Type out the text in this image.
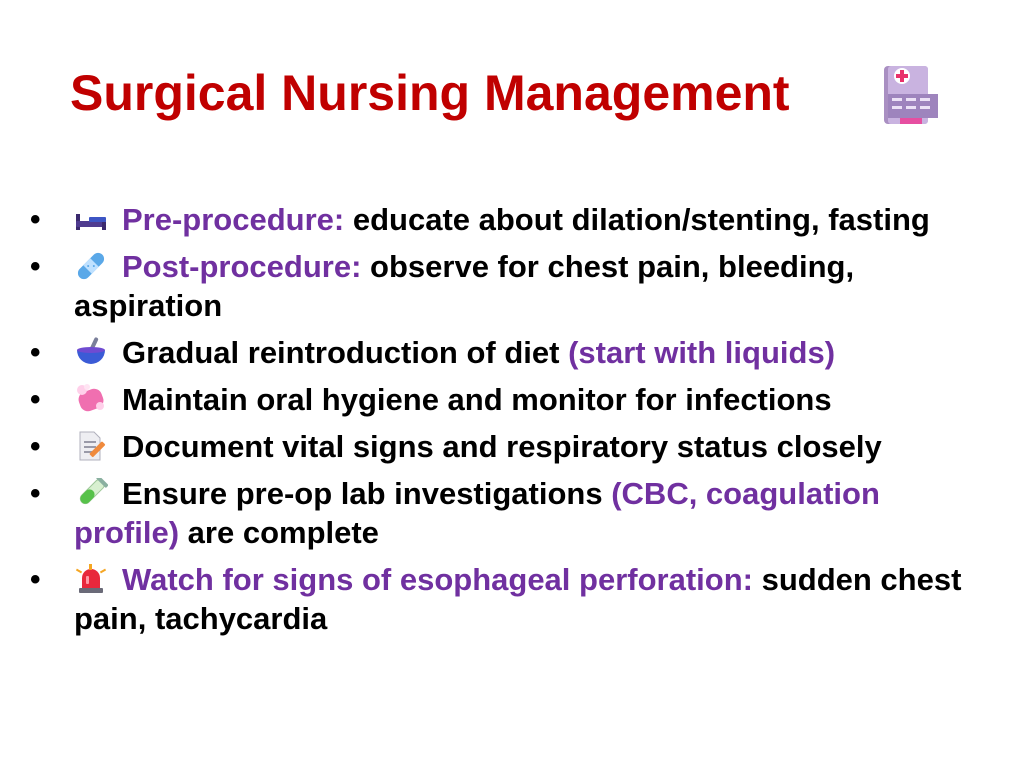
Surgical Nursing Management
•	Pre-procedure: educate about dilation/stenting, fasting
•	Post-procedure: observe for chest pain, bleeding, aspiration
•	Gradual reintroduction of diet (start with liquids)
•	Maintain oral hygiene and monitor for infections
•	Document vital signs and respiratory status closely
•	Ensure pre-op lab investigations (CBC, coagulation profile) are complete
•	Watch for signs of esophageal perforation: sudden chest pain, tachycardia
